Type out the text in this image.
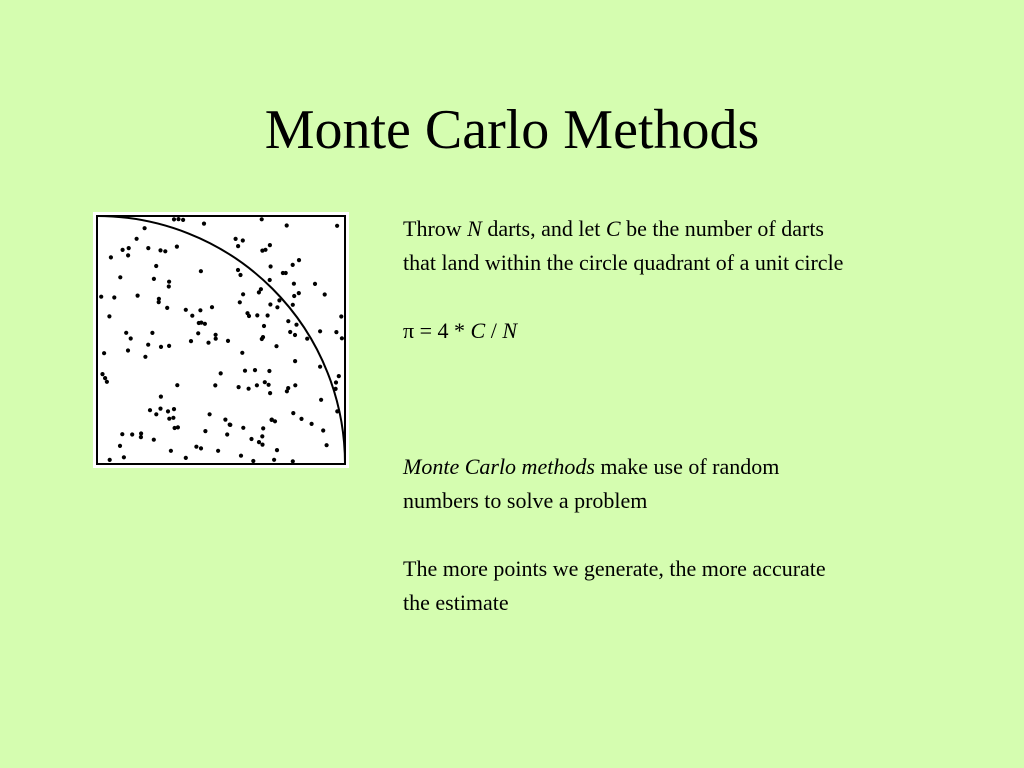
Monte Carlo Methods

Throw N darts, and let C be the number of darts
that land within the circle quadrant of a unit circle

π = 4 * C / N

Monte Carlo methods make use of random
numbers to solve a problem

The more points we generate, the more accurate
the estimate
